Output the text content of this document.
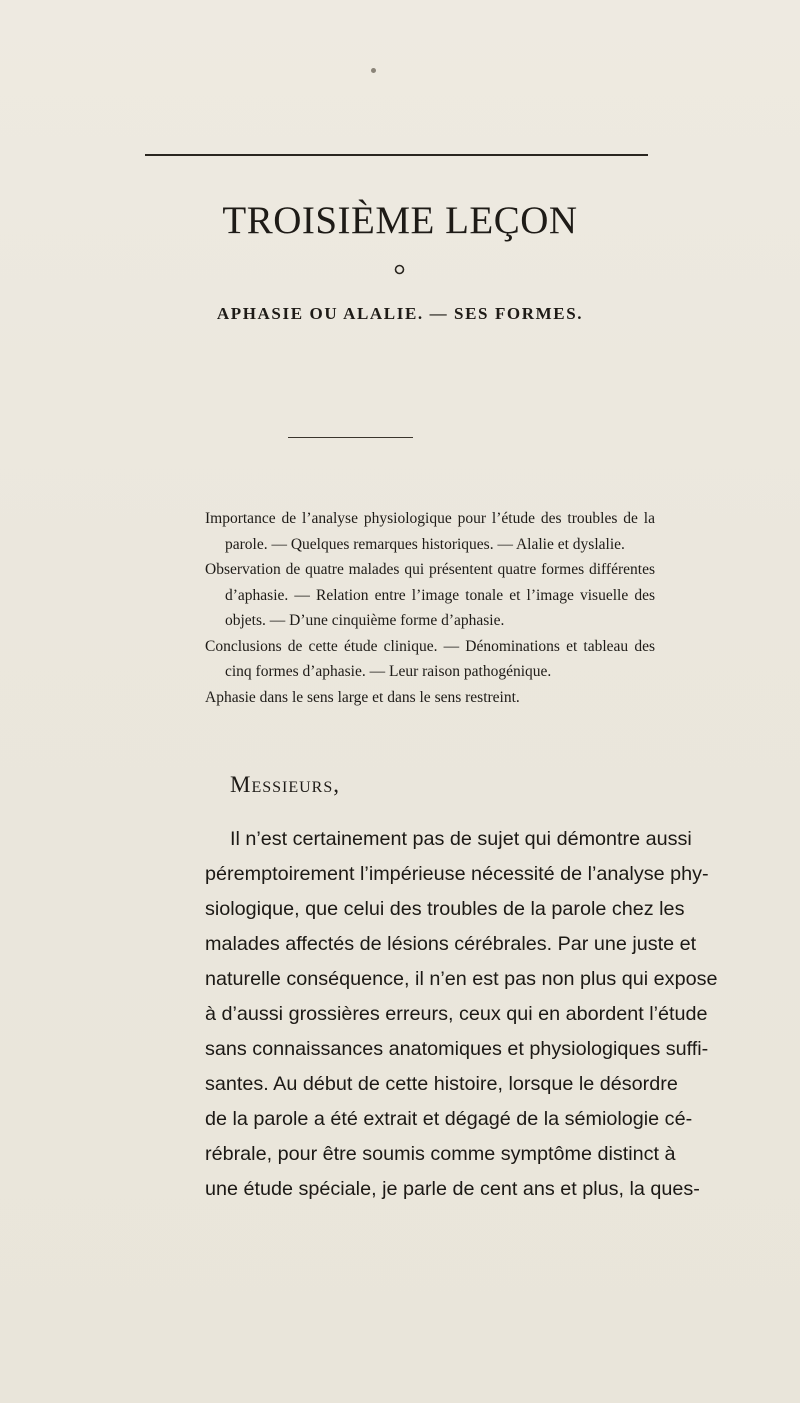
TROISIÈME LEÇON
APHASIE OU ALALIE. — SES FORMES.
Importance de l’analyse physiologique pour l’étude des troubles de la
parole. — Quelques remarques historiques. — Alalie et dyslalie.
Observation de quatre malades qui présentent quatre formes différentes
d’aphasie. — Relation entre l’image tonale et l’image visuelle des
objets. — D’une cinquième forme d’aphasie.
Conclusions de cette étude clinique. — Dénominations et tableau des
cinq formes d’aphasie. — Leur raison pathogénique.
Aphasie dans le sens large et dans le sens restreint.
Messieurs,
Il n’est certainement pas de sujet qui démontre aussi
péremptoirement l’impérieuse nécessité de l’analyse phy-
siologique, que celui des troubles de la parole chez les
malades affectés de lésions cérébrales. Par une juste et
naturelle conséquence, il n’en est pas non plus qui expose
à d’aussi grossières erreurs, ceux qui en abordent l’étude
sans connaissances anatomiques et physiologiques suffi-
santes. Au début de cette histoire, lorsque le désordre
de la parole a été extrait et dégagé de la sémiologie cé-
rébrale, pour être soumis comme symptôme distinct à
une étude spéciale, je parle de cent ans et plus, la ques-
